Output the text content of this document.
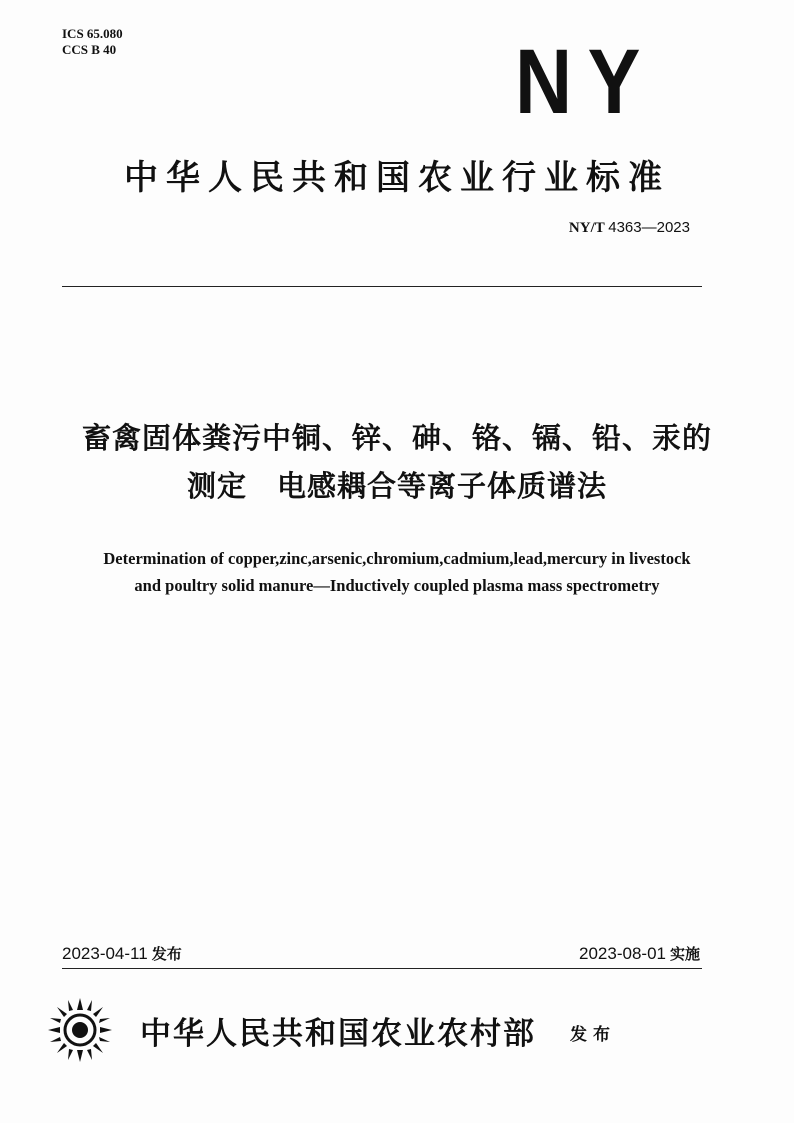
ICS 65.080
CCS B 40	NY
中华人民共和国农业行业标准
NY/T 4363—2023
畜禽固体粪污中铜、锌、砷、铬、镉、铅、汞的
测定　电感耦合等离子体质谱法
Determination of copper,zinc,arsenic,chromium,cadmium,lead,mercury in livestock
and poultry solid manure—Inductively coupled plasma mass spectrometry
2023-04-11 发布	2023-08-01 实施
中华人民共和国农业农村部 发布
